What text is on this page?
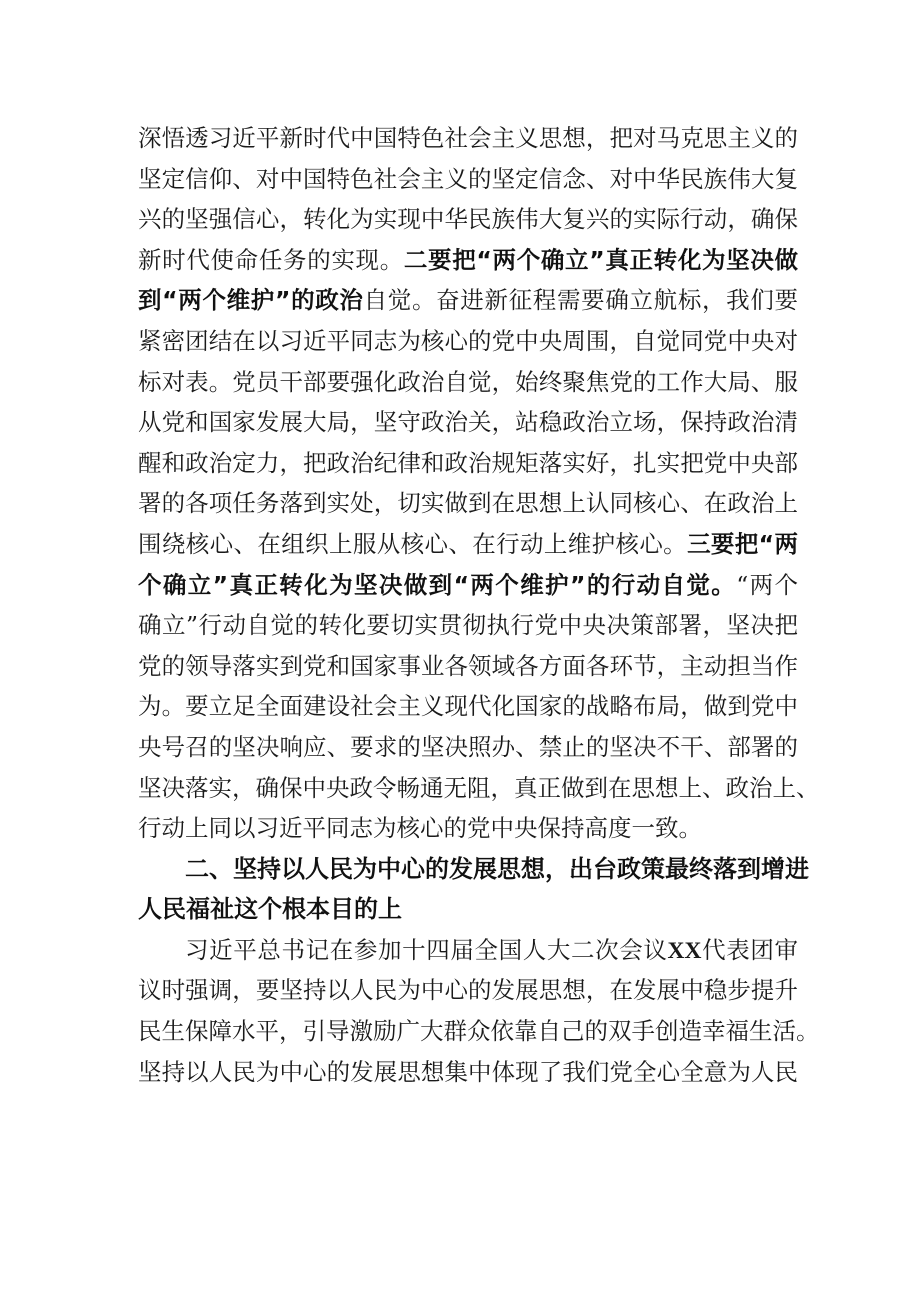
深悟透习近平新时代中国特色社会主义思想，把对马克思主义的
坚定信仰、对中国特色社会主义的坚定信念、对中华民族伟大复
兴的坚强信心，转化为实现中华民族伟大复兴的实际行动，确保
新时代使命任务的实现。二要把“两个确立”真正转化为坚决做
到“两个维护”的政治自觉。奋进新征程需要确立航标，我们要
紧密团结在以习近平同志为核心的党中央周围，自觉同党中央对
标对表。党员干部要强化政治自觉，始终聚焦党的工作大局、服
从党和国家发展大局，坚守政治关，站稳政治立场，保持政治清
醒和政治定力，把政治纪律和政治规矩落实好，扎实把党中央部
署的各项任务落到实处，切实做到在思想上认同核心、在政治上
围绕核心、在组织上服从核心、在行动上维护核心。三要把“两
个确立”真正转化为坚决做到“两个维护”的行动自觉。“两个
确立”行动自觉的转化要切实贯彻执行党中央决策部署，坚决把
党的领导落实到党和国家事业各领域各方面各环节，主动担当作
为。要立足全面建设社会主义现代化国家的战略布局，做到党中
央号召的坚决响应、要求的坚决照办、禁止的坚决不干、部署的
坚决落实，确保中央政令畅通无阻，真正做到在思想上、政治上、
行动上同以习近平同志为核心的党中央保持高度一致。
二、坚持以人民为中心的发展思想，出台政策最终落到增进
人民福祉这个根本目的上
习近平总书记在参加十四届全国人大二次会议XX代表团审
议时强调，要坚持以人民为中心的发展思想，在发展中稳步提升
民生保障水平，引导激励广大群众依靠自己的双手创造幸福生活。
坚持以人民为中心的发展思想集中体现了我们党全心全意为人民
